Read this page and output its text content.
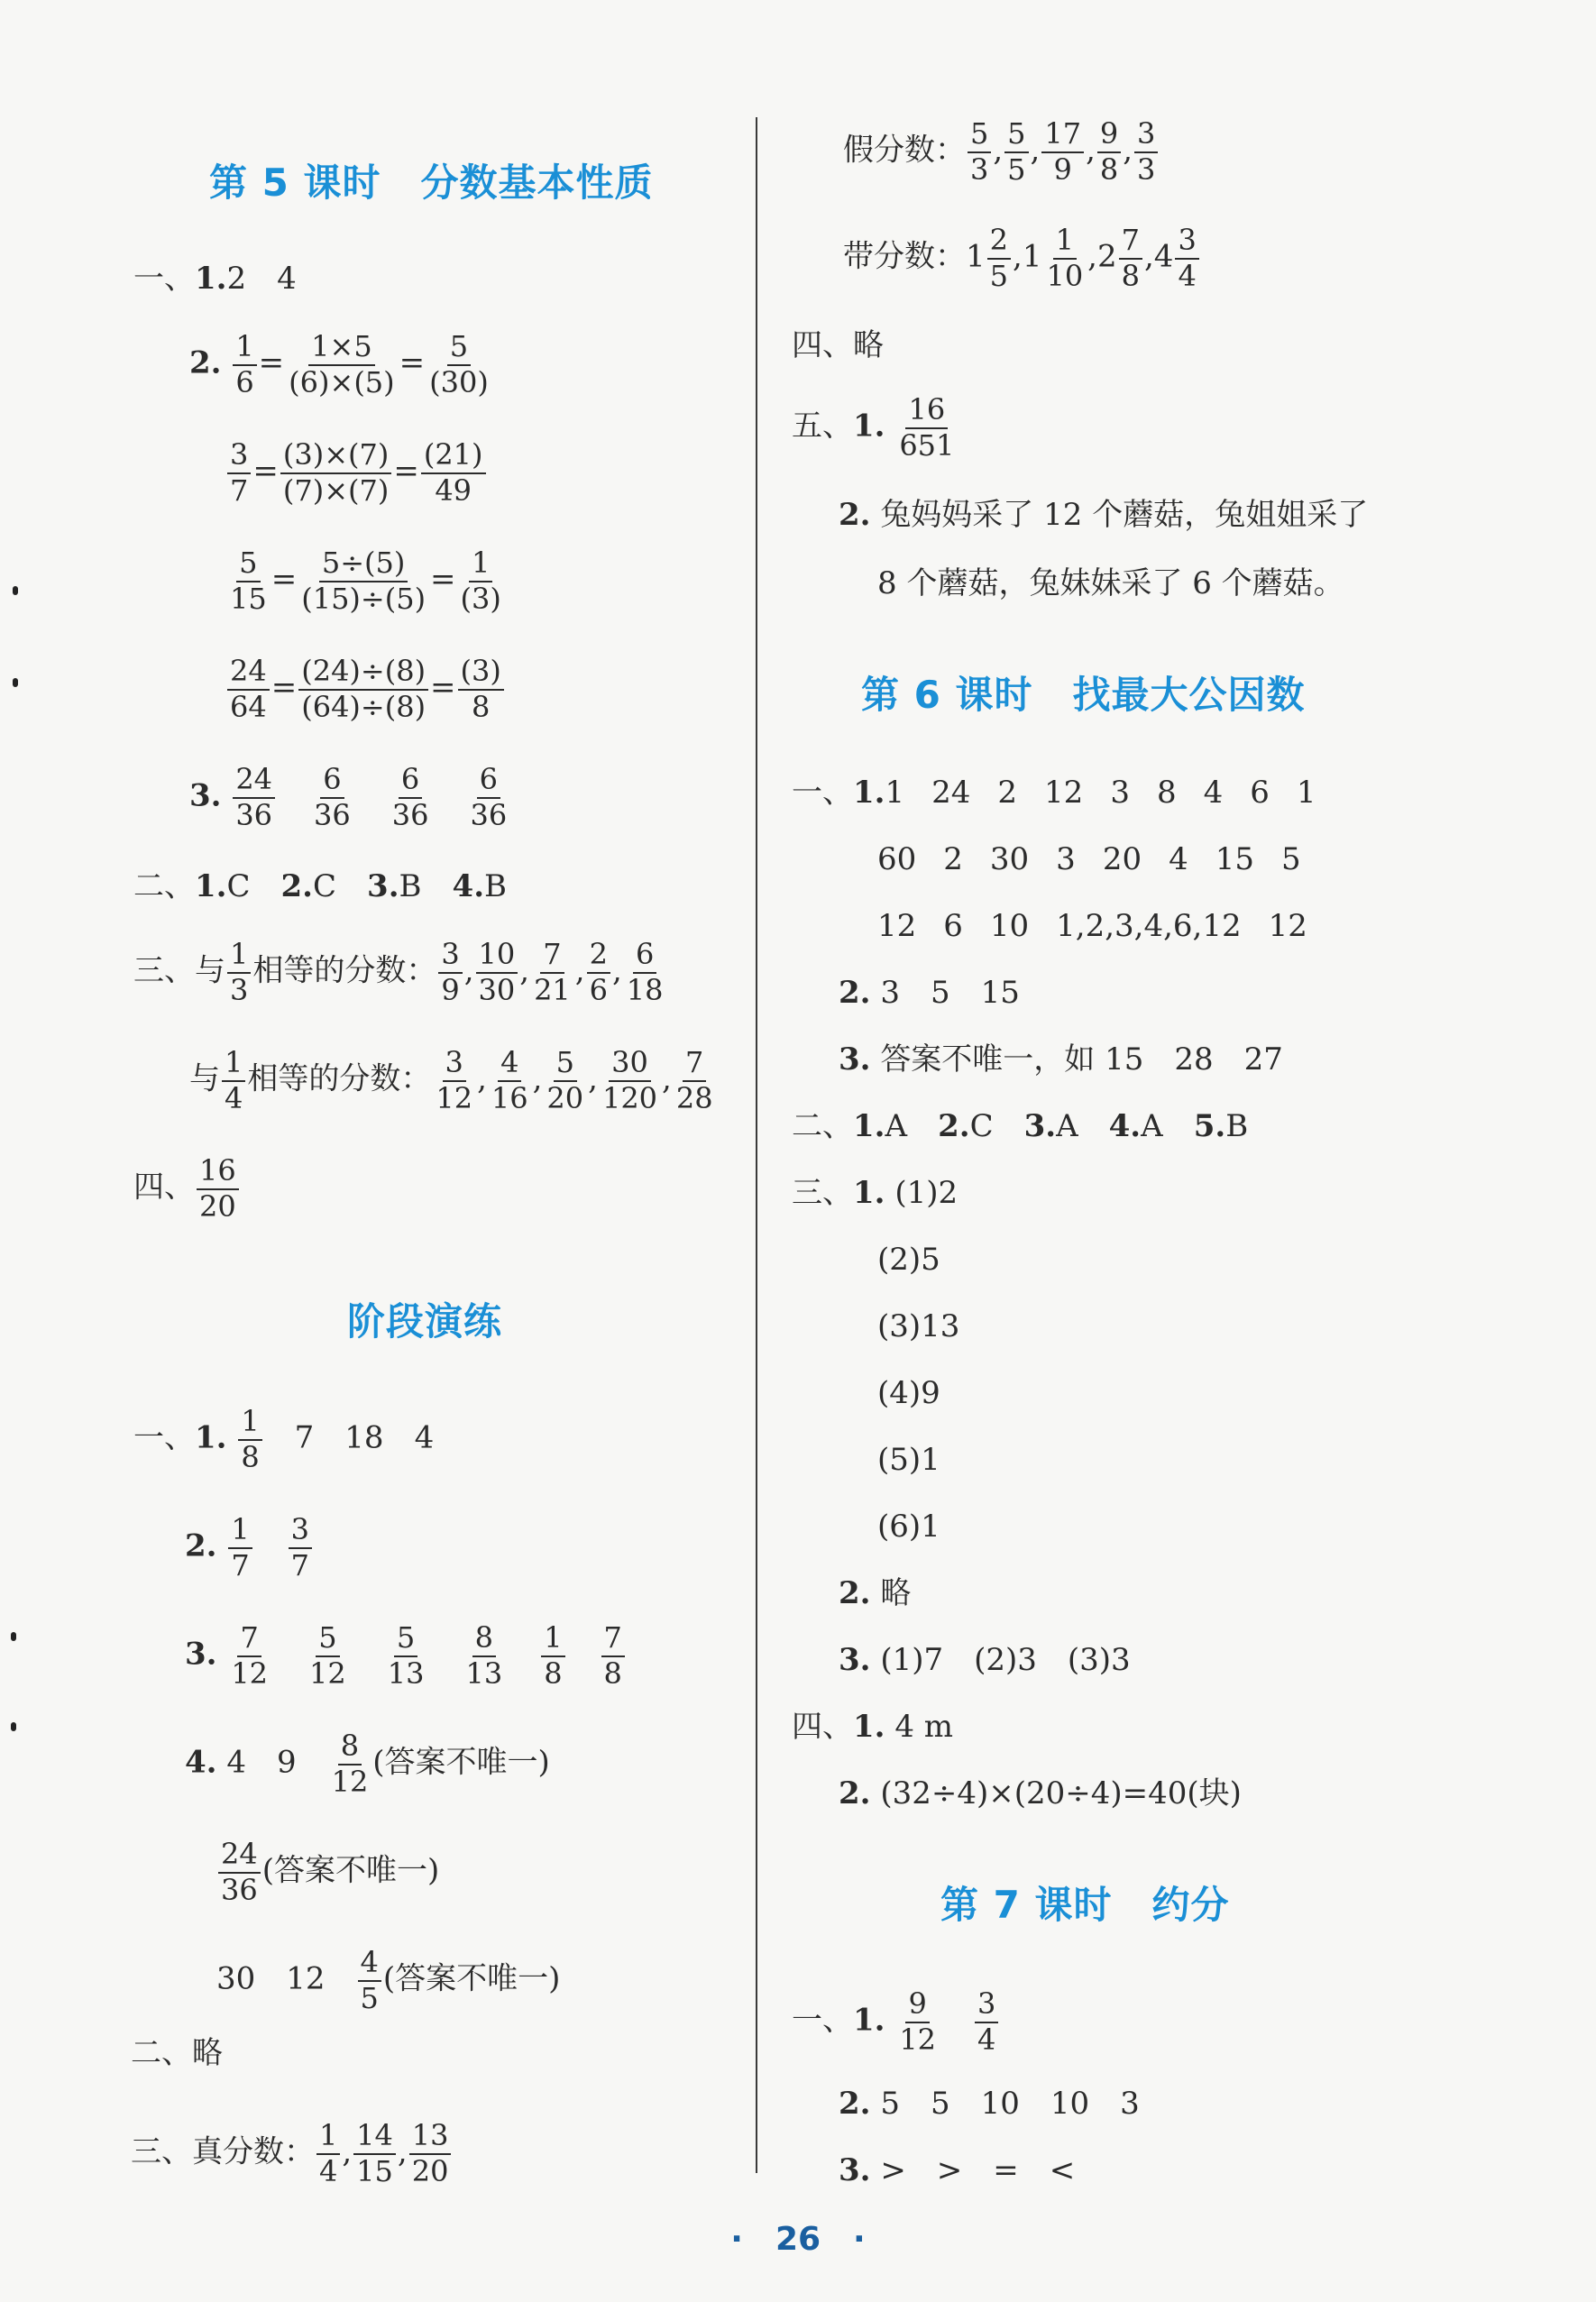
第 5 课时 分数基本性质
一、1.2　4
2. $\frac{1}{6} = \frac{1\times 5}{(6)\times(5)} = \frac{5}{(30)}$
$\frac{3}{7} = \frac{(3)\times(7)}{(7)\times(7)} = \frac{(21)}{49}$
$\frac{5}{15} = \frac{5\div(5)}{(15)\div(5)} = \frac{1}{(3)}$
$\frac{24}{64} = \frac{(24)\div(8)}{(64)\div(8)} = \frac{(3)}{8}$
3. $\frac{24}{36} \frac{6}{36} \frac{6}{36} \frac{6}{36}$
二、1.C　 2.C　 3.B　 4.B
三、与 $\frac{1}{3}$ 相等的分数： $\frac{3}{9}$ , $\frac{10}{30}$ , $\frac{7}{21}$ , $\frac{2}{6}$ , $\frac{6}{18}$
与 $\frac{1}{4}$ 相等的分数： $\frac{3}{12}$ , $\frac{4}{16}$ , $\frac{5}{20}$ , $\frac{30}{120}$ , $\frac{7}{28}$
四、 $\frac{16}{20}$
阶段演练
一、1. $\frac{1}{8}$
　 7　18　4
2. $\frac{1}{7} \frac{3}{7}$
3. $\frac{7}{12} \frac{5}{12} \frac{5}{13} \frac{8}{13} \frac{1}{8} \frac{7}{8}$
4. 4　9　 $\frac{8}{12}$ (答案不唯一)
$\frac{24}{36}$ (答案不唯一)
30　12　 $\frac{4}{5}$ (答案不唯一)
二、略
三、真分数： $\frac{1}{4}$ , $\frac{14}{15}$ , $\frac{13}{20}$
假分数： $\frac{5}{3}$ , $\frac{5}{5}$ , $\frac{17}{9}$ , $\frac{9}{8}$ , $\frac{3}{3}$
带分数：$1 \frac{2}{5} ,1 \frac{1}{10} ,2 \frac{7}{8} ,4 \frac{3}{4}$
四、略
五、1. $\frac{16}{651}$
2. 兔妈妈采了 12 个蘑菇，兔姐姐采了
8 个蘑菇，兔妹妹采了 6 个蘑菇。
第 6 课时 找最大公因数
一、1.1 24 2 12 3 8 4 6 1
60 2 30 3 20 4 15 5
12 6 10 1,2,3,4,6,12 12
2. 3　5　15
3. 答案不唯一，如 15　28　27
二、1.A　 2.C　 3.A　 4.A　 5.B
三、1. (1)2
(2)5
(3)13
(4)9
(5)1
(6)1
2. 略
3. (1)7　(2)3　(3)3
四、1. 4 m
2. (32÷4)×(20÷4)=40(块)
第 7 课时 约分
一、1. $\frac{9}{12} \frac{3}{4}$
2. 5　5　10　10　3
3. >　>　=　<
· 26 ·
